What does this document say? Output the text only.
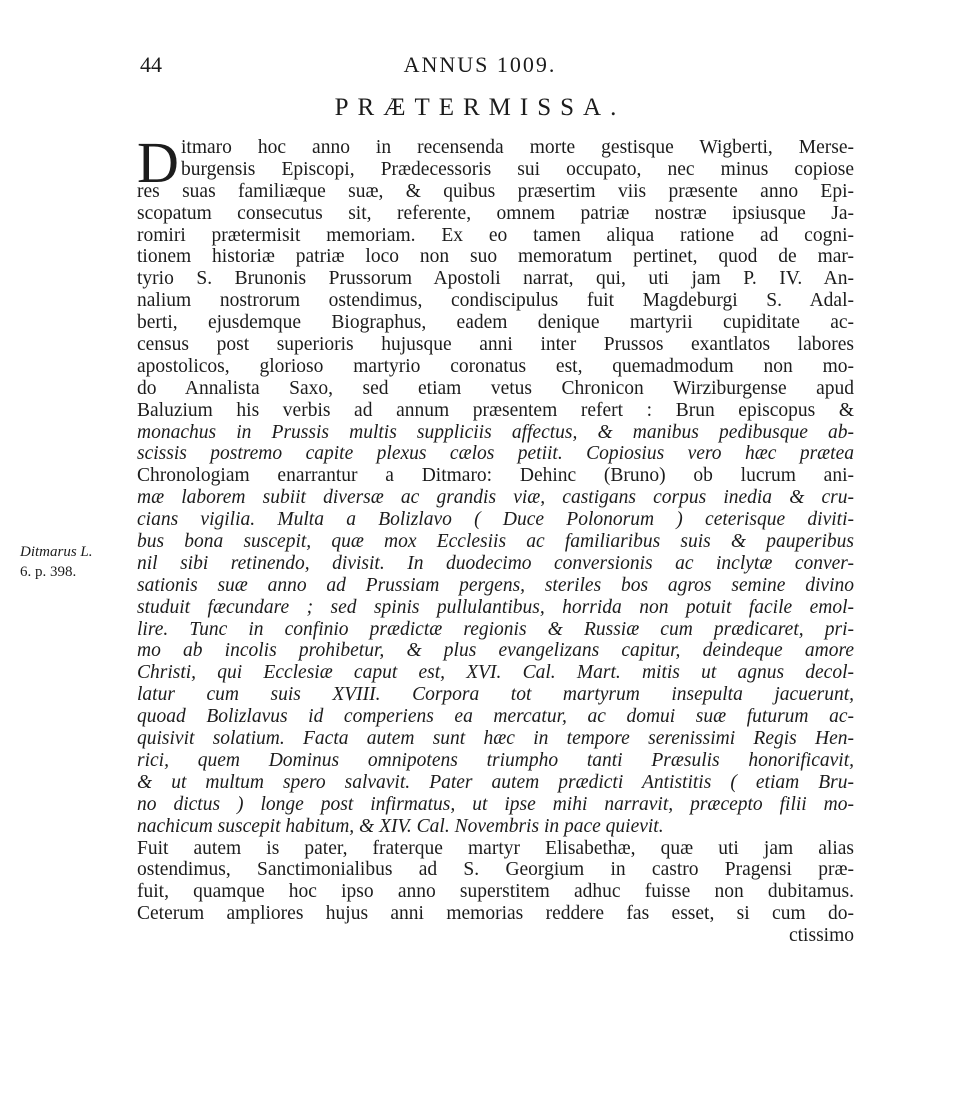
44	ANNUS 1009.
PRÆTERMISSA.
Ditmarus L.
6. p. 398.
D itmaro hoc anno in recensenda morte gestisque Wigberti, Merse-
burgensis Episcopi, Prædecessoris sui occupato, nec minus copiose
res suas familiæque suæ, & quibus præsertim viis præsente anno Epi-
scopatum consecutus sit, referente, omnem patriæ nostræ ipsiusque Ja-
romiri prætermisit memoriam. Ex eo tamen aliqua ratione ad cogni-
tionem historiæ patriæ loco non suo memoratum pertinet, quod de mar-
tyrio S. Brunonis Prussorum Apostoli narrat, qui, uti jam P. IV. An-
nalium nostrorum ostendimus, condiscipulus fuit Magdeburgi S. Adal-
berti, ejusdemque Biographus, eadem denique martyrii cupiditate ac-
census post superioris hujusque anni inter Prussos exantlatos labores
apostolicos, glorioso martyrio coronatus est, quemadmodum non mo-
do Annalista Saxo, sed etiam vetus Chronicon Wirziburgense apud
Baluzium his verbis ad annum præsentem refert : Brun episcopus &
monachus in Prussis multis suppliciis affectus, & manibus pedibusque ab-
scissis postremo capite plexus cælos petiit. Copiosius vero hæc prætea
Chronologiam enarrantur a Ditmaro: Dehinc (Bruno) ob lucrum ani-
mæ laborem subiit diversæ ac grandis viæ, castigans corpus inedia & cru-
cians vigilia. Multa a Bolizlavo ( Duce Polonorum ) ceterisque diviti-
bus bona suscepit, quæ mox Ecclesiis ac familiaribus suis & pauperibus
nil sibi retinendo, divisit. In duodecimo conversionis ac inclytæ conver-
sationis suæ anno ad Prussiam pergens, steriles bos agros semine divino
studuit fæcundare ; sed spinis pullulantibus, horrida non potuit facile emol-
lire. Tunc in confinio prædictæ regionis & Russiæ cum prædicaret, pri-
mo ab incolis prohibetur, & plus evangelizans capitur, deindeque amore
Christi, qui Ecclesiæ caput est, XVI. Cal. Mart. mitis ut agnus decol-
latur cum suis XVIII. Corpora tot martyrum insepulta jacuerunt,
quoad Bolizlavus id comperiens ea mercatur, ac domui suæ futurum ac-
quisivit solatium. Facta autem sunt hæc in tempore serenissimi Regis Hen-
rici, quem Dominus omnipotens triumpho tanti Præsulis honorificavit,
& ut multum spero salvavit. Pater autem prædicti Antistitis ( etiam Bru-
no dictus ) longe post infirmatus, ut ipse mihi narravit, præcepto filii mo-
nachicum suscepit habitum, & XIV. Cal. Novembris in pace quievit.
Fuit autem is pater, fraterque martyr Elisabethæ, quæ uti jam alias
ostendimus, Sanctimonialibus ad S. Georgium in castro Pragensi præ-
fuit, quamque hoc ipso anno superstitem adhuc fuisse non dubitamus.
Ceterum ampliores hujus anni memorias reddere fas esset, si cum do-
ctissimo
